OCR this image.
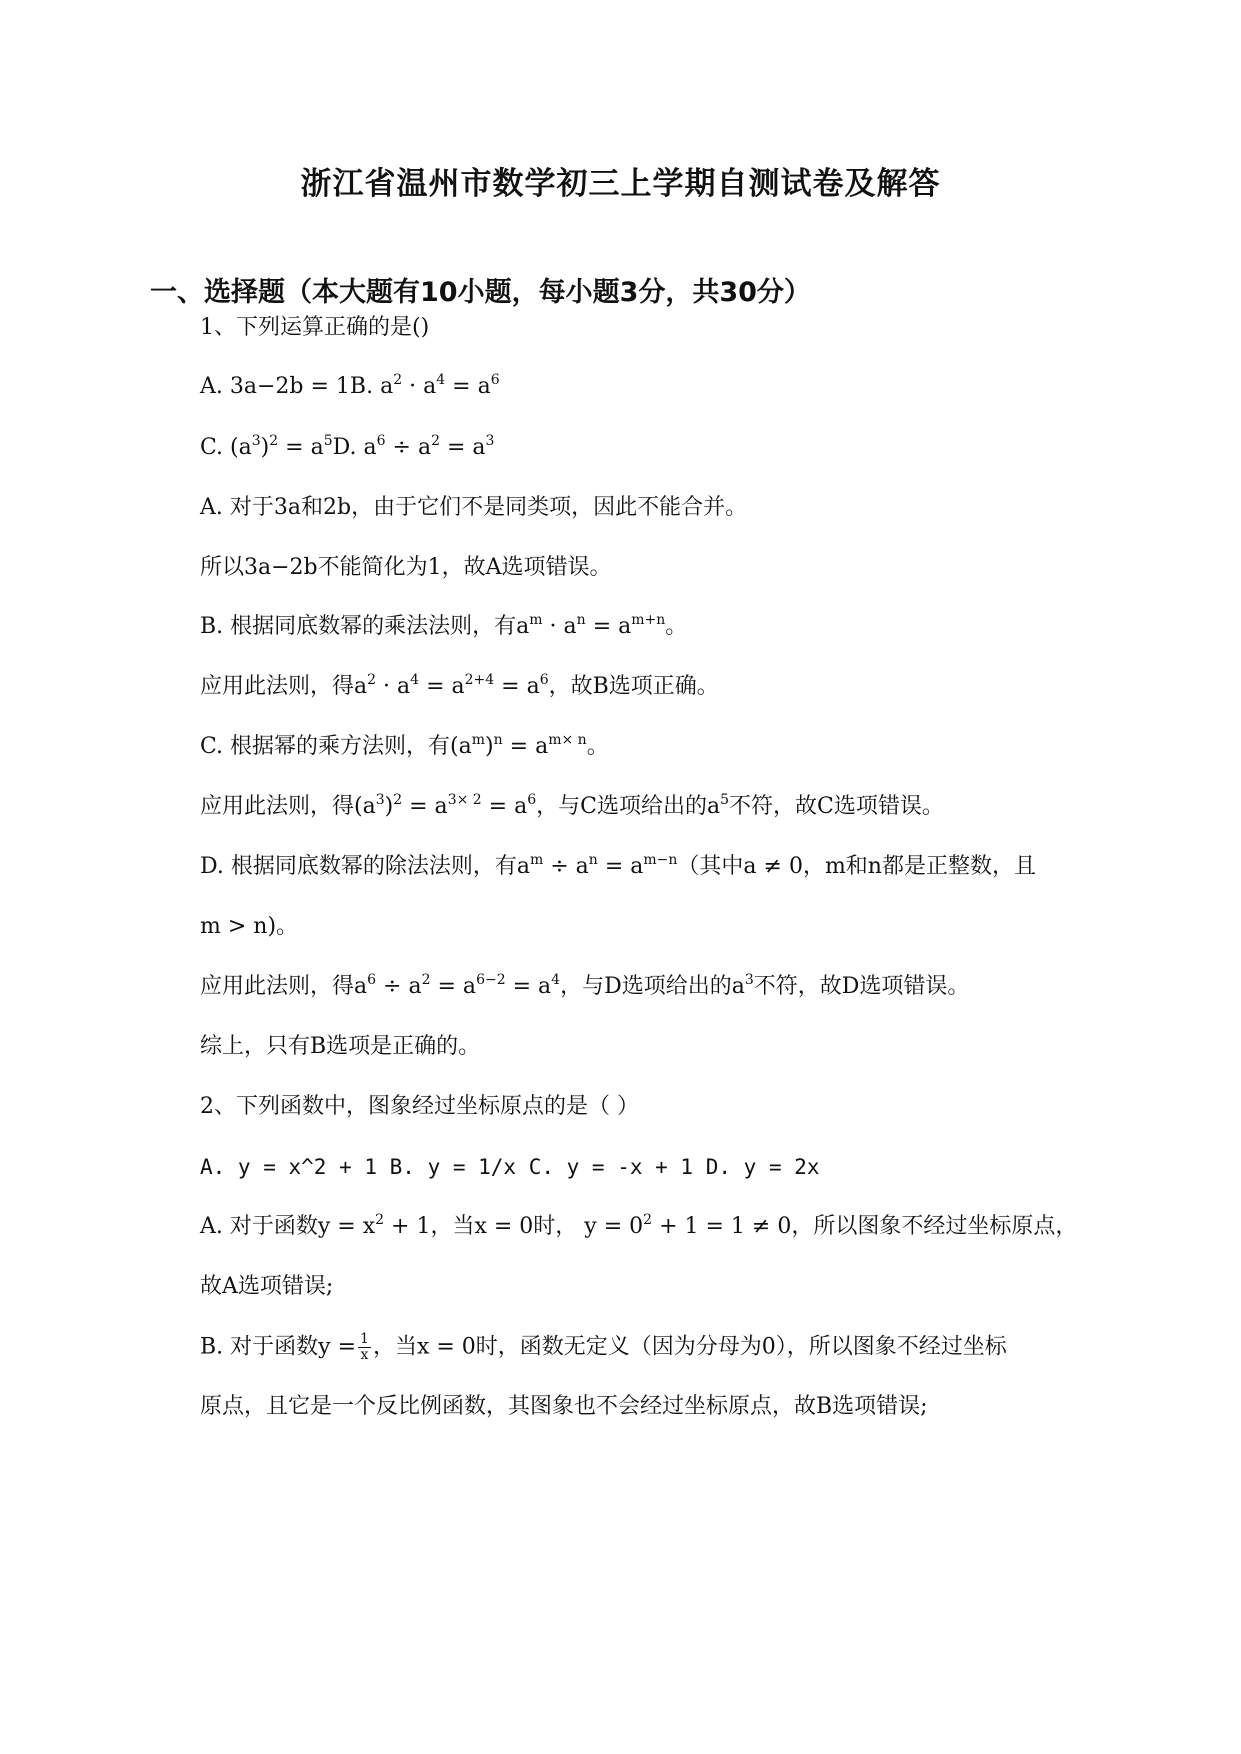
浙江省温州市数学初三上学期自测试卷及解答
一、选择题（本大题有10小题，每小题3分，共30分）
1、下列运算正确的是()
A. 3a−2b = 1B. $a^2 \cdot a^4 = a^6$
C. $(a^3)^2 = a^5D$. $a^6 \div a^2 = a^3$
A. 对于3a和2b，由于它们不是同类项，因此不能合并。
所以3a−2b不能简化为1，故A选项错误。
B. 根据同底数幂的乘法法则，有$a^m \cdot a^n = a^{m+n}$。
应用此法则，得$a^2 \cdot a^4 = a^{2+4} = a^6$，故B选项正确。
C. 根据幂的乘方法则，有$(a^m)^n = a^{m\times n}$。
应用此法则，得$(a^3)^2 = a^{3\times 2} = a^6$，与C选项给出的$a^5$不符，故C选项错误。
D. 根据同底数幂的除法法则，有$a^m \div a^n = a^{m-n}$（其中a ≠ 0，m和n都是正整数，且
m > n)。
应用此法则，得$a^6 \div a^2 = a^{6-2} = a^4$，与D选项给出的$a^3$不符，故D选项错误。
综上，只有B选项是正确的。
2、下列函数中，图象经过坐标原点的是（ ）
A. y = x^2 + 1 B. y = 1/x C. y = -x + 1 D. y = 2x
A. 对于函数$y = x^2 + 1$，当x = 0时， $y = 0^2 + 1 = 1 \ne 0$，所以图象不经过坐标原点，
故A选项错误;
B. 对于函数$y = \frac{1}{x}$ ，当x = 0时，函数无定义（因为分母为0），所以图象不经过坐标
原点，且它是一个反比例函数，其图象也不会经过坐标原点，故B选项错误;
